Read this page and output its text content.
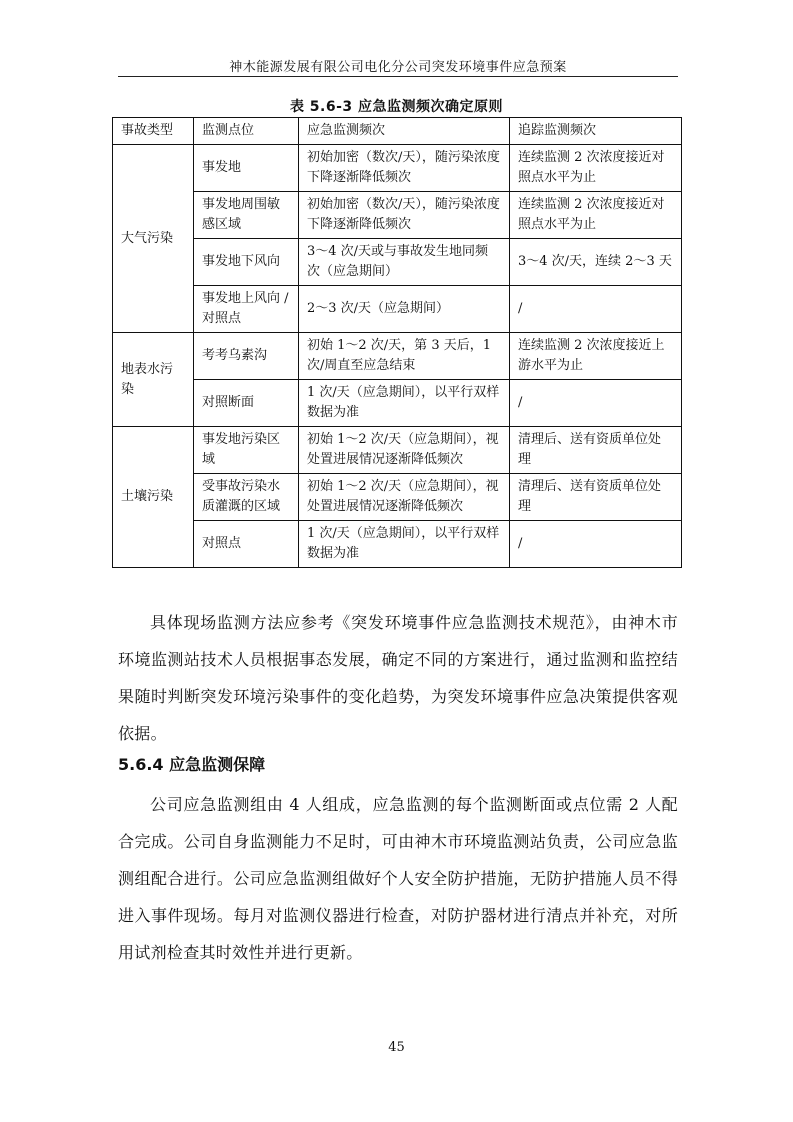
神木能源发展有限公司电化分公司突发环境事件应急预案
表 5.6-3 应急监测频次确定原则
事故类型	监测点位	应急监测频次	追踪监测频次
大气污染	事发地	初始加密（数次/天），随污染浓度下降逐渐降低频次	连续监测 2 次浓度接近对照点水平为止
	事发地周围敏感区域	初始加密（数次/天），随污染浓度下降逐渐降低频次	连续监测 2 次浓度接近对照点水平为止
	事发地下风向	3～4 次/天或与事故发生地同频次（应急期间）	3～4 次/天，连续 2～3 天
	事发地上风向 /对照点	2～3 次/天（应急期间）	/
地表水污染	考考乌素沟	初始 1～2 次/天，第 3 天后，1 次/周直至应急结束	连续监测 2 次浓度接近上游水平为止
	对照断面	1 次/天（应急期间），以平行双样数据为准	/
土壤污染	事发地污染区域	初始 1～2 次/天（应急期间），视处置进展情况逐渐降低频次	清理后、送有资质单位处理
	受事故污染水质灌溉的区域	初始 1～2 次/天（应急期间），视处置进展情况逐渐降低频次	清理后、送有资质单位处理
	对照点	1 次/天（应急期间），以平行双样数据为准	/
具体现场监测方法应参考《突发环境事件应急监测技术规范》，由神木市环境监测站技术人员根据事态发展，确定不同的方案进行，通过监测和监控结果随时判断突发环境污染事件的变化趋势，为突发环境事件应急决策提供客观依据。
5.6.4 应急监测保障
公司应急监测组由 4 人组成，应急监测的每个监测断面或点位需 2 人配合完成。公司自身监测能力不足时，可由神木市环境监测站负责，公司应急监测组配合进行。公司应急监测组做好个人安全防护措施，无防护措施人员不得进入事件现场。每月对监测仪器进行检查，对防护器材进行清点并补充，对所用试剂检查其时效性并进行更新。
45
